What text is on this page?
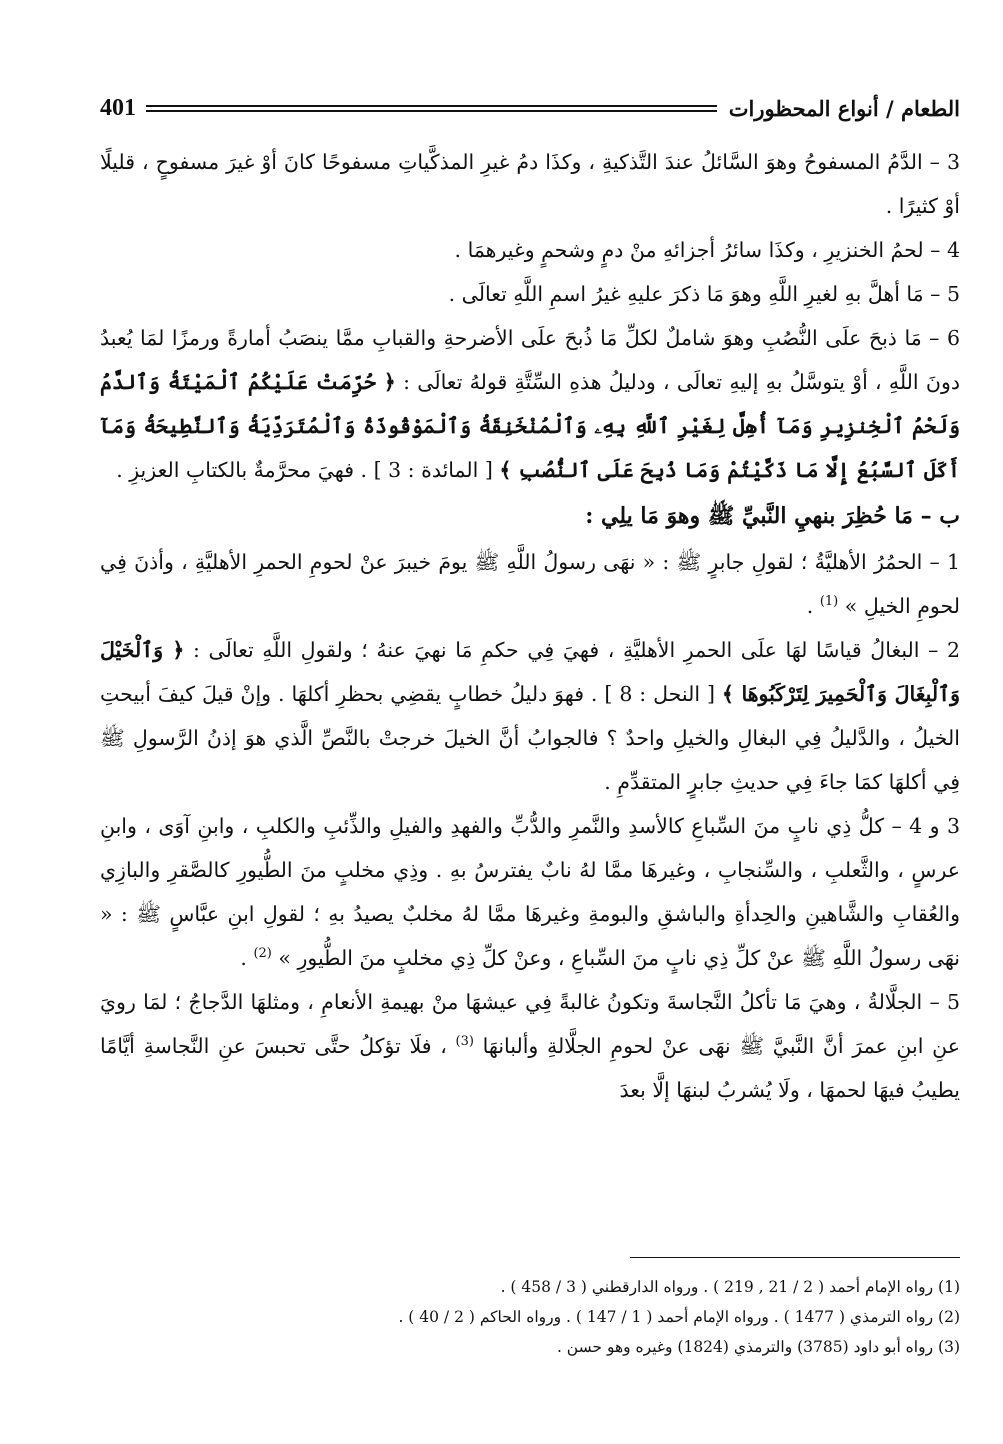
الطعام / أنواع المحظورات
401

3 – الدَّمُ المسفوحُ وهوَ السَّائلُ عندَ التَّذكيةِ ، وكذَا دمُ غيرِ المذكَّياتِ مسفوحًا كانَ أوْ غيرَ مسفوحٍ ، قليلًا أوْ كثيرًا .

4 – لحمُ الخنزيرِ ، وكذَا سائرُ أجزائهِ منْ دمٍ وشحمٍ وغيرهمَا .

5 – مَا أهلَّ بهِ لغيرِ اللَّهِ وهوَ مَا ذكرَ عليهِ غيرُ اسمِ اللَّهِ تعالَى .

6 – مَا ذبحَ علَى النُّصُبِ وهوَ شاملٌ لكلِّ مَا ذُبحَ علَى الأضرحةِ والقبابِ ممَّا ينصَبُ أمارةً ورمزًا لمَا يُعبدُ دونَ اللَّهِ ، أوْ يتوسَّلُ بهِ إليهِ تعالَى ، ودليلُ هذهِ السِّتَّةِ قولهُ تعالَى : ﴿ حُرِّمَتْ عَلَيْكُمُ ٱلْمَيْتَةُ وَٱلدَّمُ وَلَحْمُ ٱلْخِنزِيرِ وَمَآ أُهِلَّ لِغَيْرِ ٱللَّهِ بِهِۦ وَٱلْمُنْخَنِقَةُ وَٱلْمَوْقُوذَةُ وَٱلْمُتَرَدِّيَةُ وَٱلنَّطِيحَةُ وَمَآ أَكَلَ ٱلسَّبُعُ إِلَّا مَا ذَكَّيْتُمْ وَمَا ذُبِحَ عَلَى ٱلنُّصُبِ ﴾ [ المائدة : 3 ] . فهيَ محرَّمةٌ بالكتابِ العزيزِ .

ب – مَا حُظِرَ بنهيِ النَّبيِّ ﷺ وهوَ مَا يلِي :

1 – الحمُرُ الأهليَّةُ ؛ لقولِ جابرٍ ﷺ : « نهَى رسولُ اللَّهِ ﷺ يومَ خيبرَ عنْ لحومِ الحمرِ الأهليَّةِ ، وأذنَ فِي لحومِ الخيلِ » $^{(1)}$ .

2 – البغالُ قياسًا لهَا علَى الحمرِ الأهليَّةِ ، فهيَ فِي حكمِ مَا نهيَ عنهُ ؛ ولقولِ اللَّهِ تعالَى : ﴿ وَٱلْخَيْلَ وَٱلْبِغَالَ وَٱلْحَمِيرَ لِتَرْكَبُوهَا ﴾ [ النحل : 8 ] . فهوَ دليلُ خطابٍ يقضِي بحظرِ أكلهَا . وإنْ قيلَ كيفَ أبيحتِ الخيلُ ، والدَّليلُ فِي البغالِ والخيلِ واحدٌ ؟ فالجوابُ أنَّ الخيلَ خرجتْ بالنَّصِّ الَّذي هوَ إذنُ الرَّسولِ ﷺ فِي أكلهَا كمَا جاءَ فِي حديثِ جابرٍ المتقدِّمِ .

3 و 4 – كلُّ ذِي نابٍ منَ السِّباعِ كالأسدِ والنَّمرِ والدُّبِّ والفهدِ والفيلِ والذِّئبِ والكلبِ ، وابنِ آوَى ، وابنِ عرسٍ ، والثَّعلبِ ، والسِّنجابِ ، وغيرهَا ممَّا لهُ نابٌ يفترسُ بهِ . وذِي مخلبٍ منَ الطُّيورِ كالصَّقرِ والبازِي والعُقابِ والشَّاهينِ والحِدأةِ والباشقِ والبومةِ وغيرهَا ممَّا لهُ مخلبٌ يصيدُ بهِ ؛ لقولِ ابنِ عبَّاسٍ ﷺ : « نهَى رسولُ اللَّهِ ﷺ عنْ كلِّ ذِي نابٍ منَ السِّباعِ ، وعنْ كلِّ ذِي مخلبٍ منَ الطُّيورِ » $^{(2)}$ .

5 – الجلَّالةُ ، وهيَ مَا تأكلُ النَّجاسةَ وتكونُ غالبةً فِي عيشهَا منْ بهيمةِ الأنعامِ ، ومثلهَا الدَّجاجُ ؛ لمَا رويَ عنِ ابنِ عمرَ أنَّ النَّبيَّ ﷺ نهَى عنْ لحومِ الجلَّالةِ وألبانهَا $^{(3)}$ ، فلَا تؤكلُ حتَّى تحبسَ عنِ النَّجاسةِ أيَّامًا يطيبُ فيهَا لحمهَا ، ولَا يُشربُ لبنهَا إلَّا بعدَ

(1) رواه الإمام أحمد ( 2 / 21 , 219 ) . ورواه الدارقطني ( 3 / 458 ) .

(2) رواه الترمذي ( 1477 ) . ورواه الإمام أحمد ( 1 / 147 ) . ورواه الحاكم ( 2 / 40 ) .

(3) رواه أبو داود (3785) والترمذي (1824) وغيره وهو حسن .
